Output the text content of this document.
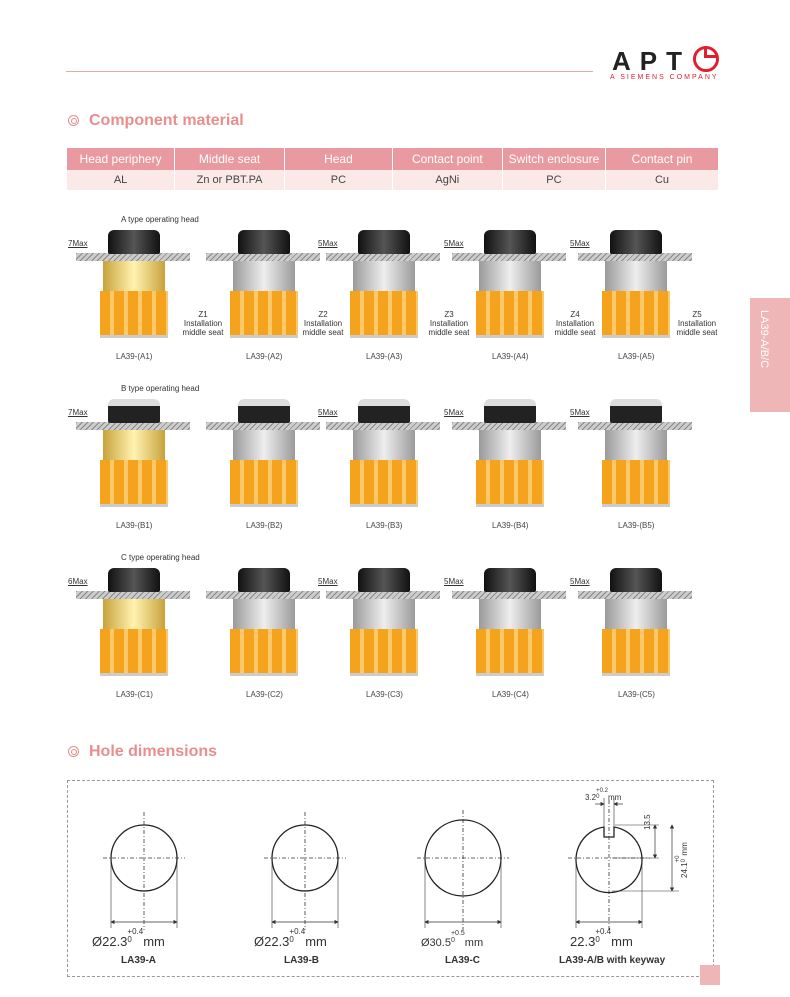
APT
A SIEMENS COMPANY
LA39-A/B/C
Component material
Head periphery	Middle seat	Head	Contact point	Switch enclosure	Contact pin
AL	Zn or PBT.PA	PC	AgNi	PC	Cu
A type operating head
7Max
LA39-(A1)	LA39-(A2)
Z1
Installation middle seat
5Max
LA39-(A3)
Z2
Installation middle seat
5Max
LA39-(A4)
Z3
Installation middle seat
5Max
LA39-(A5)
Z4
Installation middle seat
Z5
Installation middle seat
B type operating head
7Max
LA39-(B1)	LA39-(B2)
5Max
LA39-(B3)
5Max
LA39-(B4)
5Max
LA39-(B5)
C type operating head
6Max
LA39-(C1)	LA39-(C2)
5Max
LA39-(C3)
5Max
LA39-(C4)
5Max
LA39-(C5)
Hole dimensions
$Ø22.3^{+0.4 0}$ mm
LA39-A
$Ø22.3^{+0.4 0}$ mm
LA39-B
$Ø30.5^{+0.5 0}$ mm
LA39-C
$22.3^{+0.4 0}$ mm
LA39-A/B with keyway
$3.2^{+0.2 0}$ mm
13.5
$24.1^{+0 0}mm$
